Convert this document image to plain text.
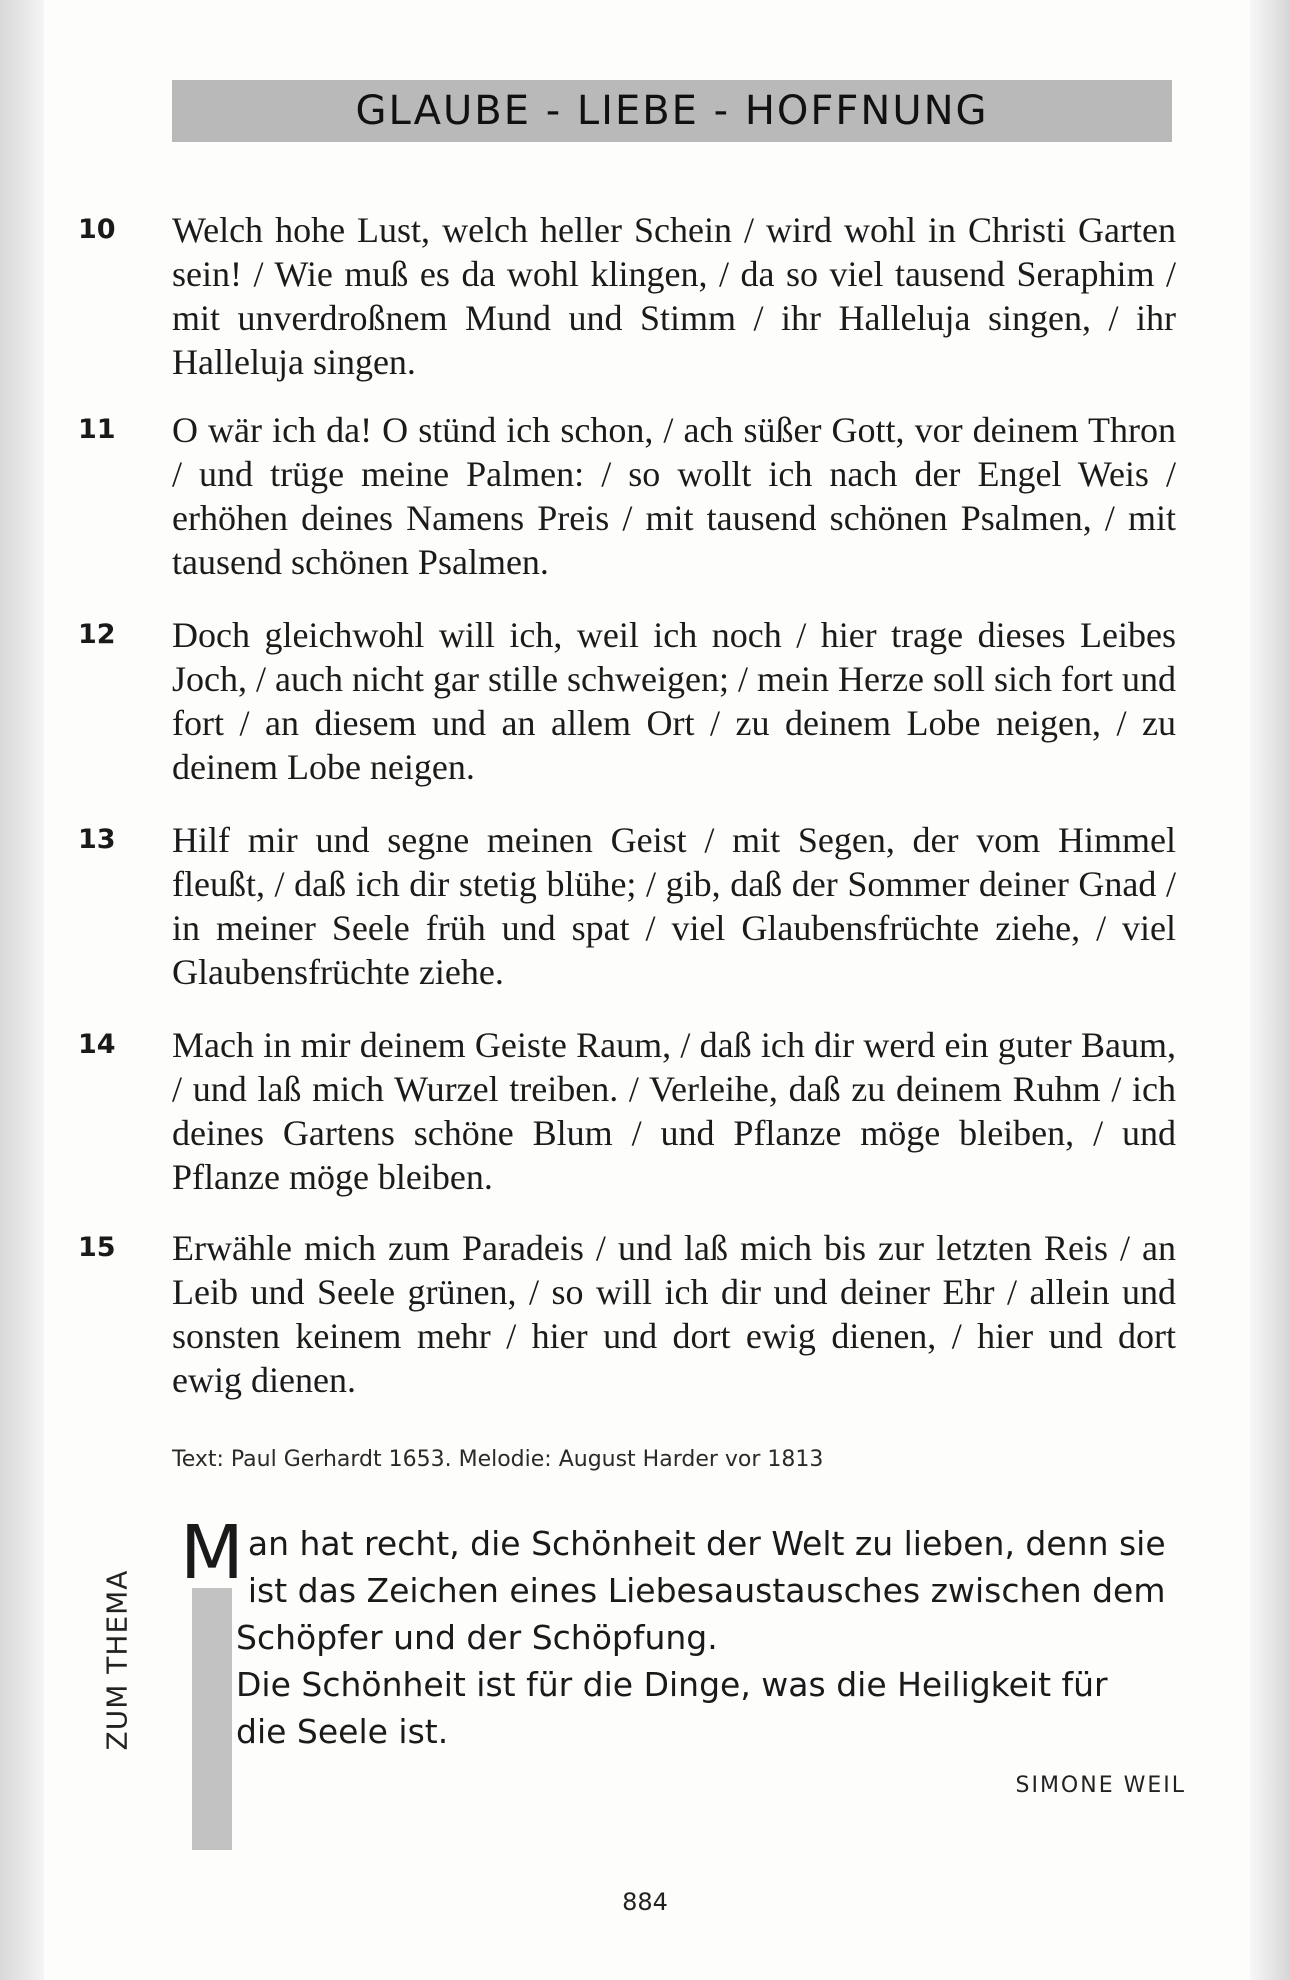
GLAUBE - LIEBE - HOFFNUNG
10	Welch hohe Lust, welch heller Schein / wird wohl in Christi Garten sein! / Wie muß es da wohl klingen, / da so viel tausend Seraphim / mit unverdroßnem Mund und Stimm / ihr Halleluja singen, / ihr Halleluja singen.

11	O wär ich da! O stünd ich schon, / ach süßer Gott, vor deinem Thron / und trüge meine Palmen: / so wollt ich nach der Engel Weis / erhöhen deines Namens Preis / mit tausend schönen Psalmen, / mit tausend schönen Psalmen.

12	Doch gleichwohl will ich, weil ich noch / hier trage dieses Leibes Joch, / auch nicht gar stille schweigen; / mein Herze soll sich fort und fort / an diesem und an allem Ort / zu deinem Lobe neigen, / zu deinem Lobe neigen.

13	Hilf mir und segne meinen Geist / mit Segen, der vom Himmel fleußt, / daß ich dir stetig blühe; / gib, daß der Sommer deiner Gnad / in meiner Seele früh und spat / viel Glaubensfrüchte ziehe, / viel Glaubensfrüchte ziehe.

14	Mach in mir deinem Geiste Raum, / daß ich dir werd ein guter Baum, / und laß mich Wurzel treiben. / Verleihe, daß zu deinem Ruhm / ich deines Gartens schöne Blum / und Pflanze möge bleiben, / und Pflanze möge bleiben.

15	Erwähle mich zum Paradeis / und laß mich bis zur letzten Reis / an Leib und Seele grünen, / so will ich dir und deiner Ehr / allein und sonsten keinem mehr / hier und dort ewig dienen, / hier und dort ewig dienen.

Text: Paul Gerhardt 1653. Melodie: August Harder vor 1813
ZUM THEMA
M an hat recht, die Schönheit der Welt zu lieben, denn sie
ist das Zeichen eines Liebesaustausches zwischen dem
Schöpfer und der Schöpfung.
Die Schönheit ist für die Dinge, was die Heiligkeit für
die Seele ist.
SIMONE WEIL
884
